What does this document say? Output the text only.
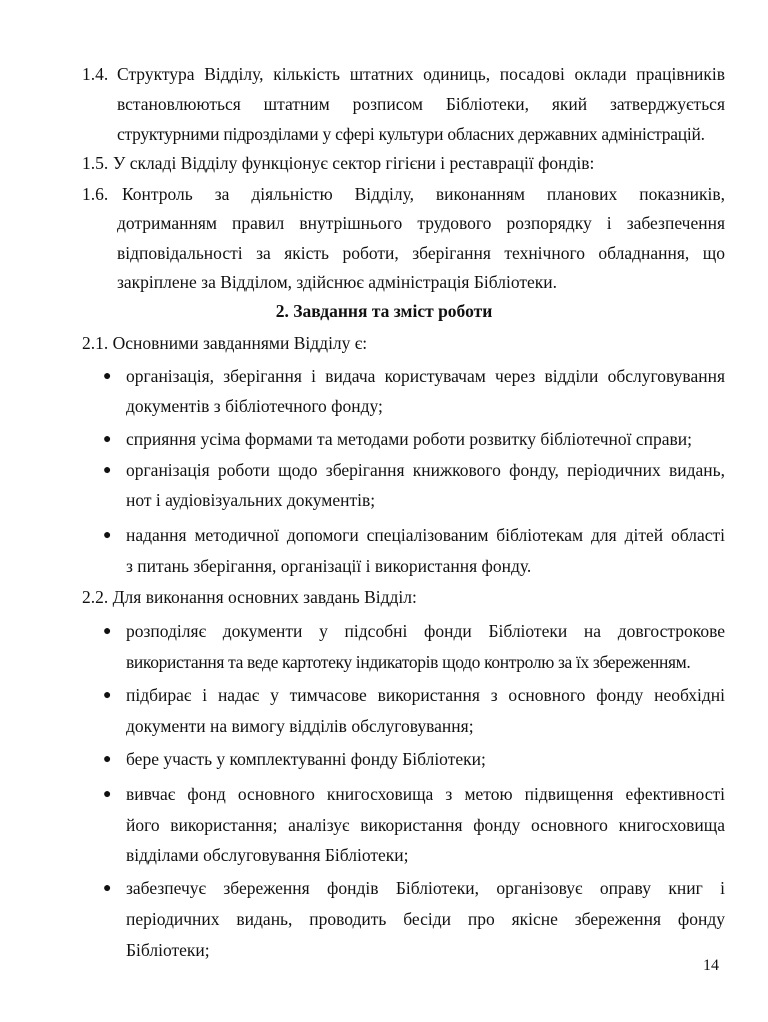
1.4. Структура Відділу, кількість штатних одиниць, посадові оклади працівників
встановлюються штатним розписом Бібліотеки, який затверджується
структурними підрозділами у сфері культури обласних державних адміністрацій.
1.5. У складі Відділу функціонує сектор гігієни і реставрації фондів:
1.6. Контроль за діяльністю Відділу, виконанням планових показників,
дотриманням правил внутрішнього трудового розпорядку і забезпечення
відповідальності за якість роботи, зберігання технічного обладнання, що
закріплене за Відділом, здійснює адміністрація Бібліотеки.
2. Завдання та зміст роботи
2.1. Основними завданнями Відділу є:
● організація, зберігання і видача користувачам через відділи обслуговування
документів з бібліотечного фонду;
● сприяння усіма формами та методами роботи розвитку бібліотечної справи;
● організація роботи щодо зберігання книжкового фонду, періодичних видань,
нот і аудіовізуальних документів;
● надання методичної допомоги спеціалізованим бібліотекам для дітей області
з питань зберігання, організації і використання фонду.
2.2. Для виконання основних завдань Відділ:
● розподіляє документи у підсобні фонди Бібліотеки на довгострокове
використання та веде картотеку індикаторів щодо контролю за їх збереженням.
● підбирає і надає у тимчасове використання з основного фонду необхідні
документи на вимогу відділів обслуговування;
● бере участь у комплектуванні фонду Бібліотеки;
● вивчає фонд основного книгосховища з метою підвищення ефективності
його використання; аналізує використання фонду основного книгосховища
відділами обслуговування Бібліотеки;
● забезпечує збереження фондів Бібліотеки, організовує оправу книг і
періодичних видань, проводить бесіди про якісне збереження фонду
Бібліотеки;
14
